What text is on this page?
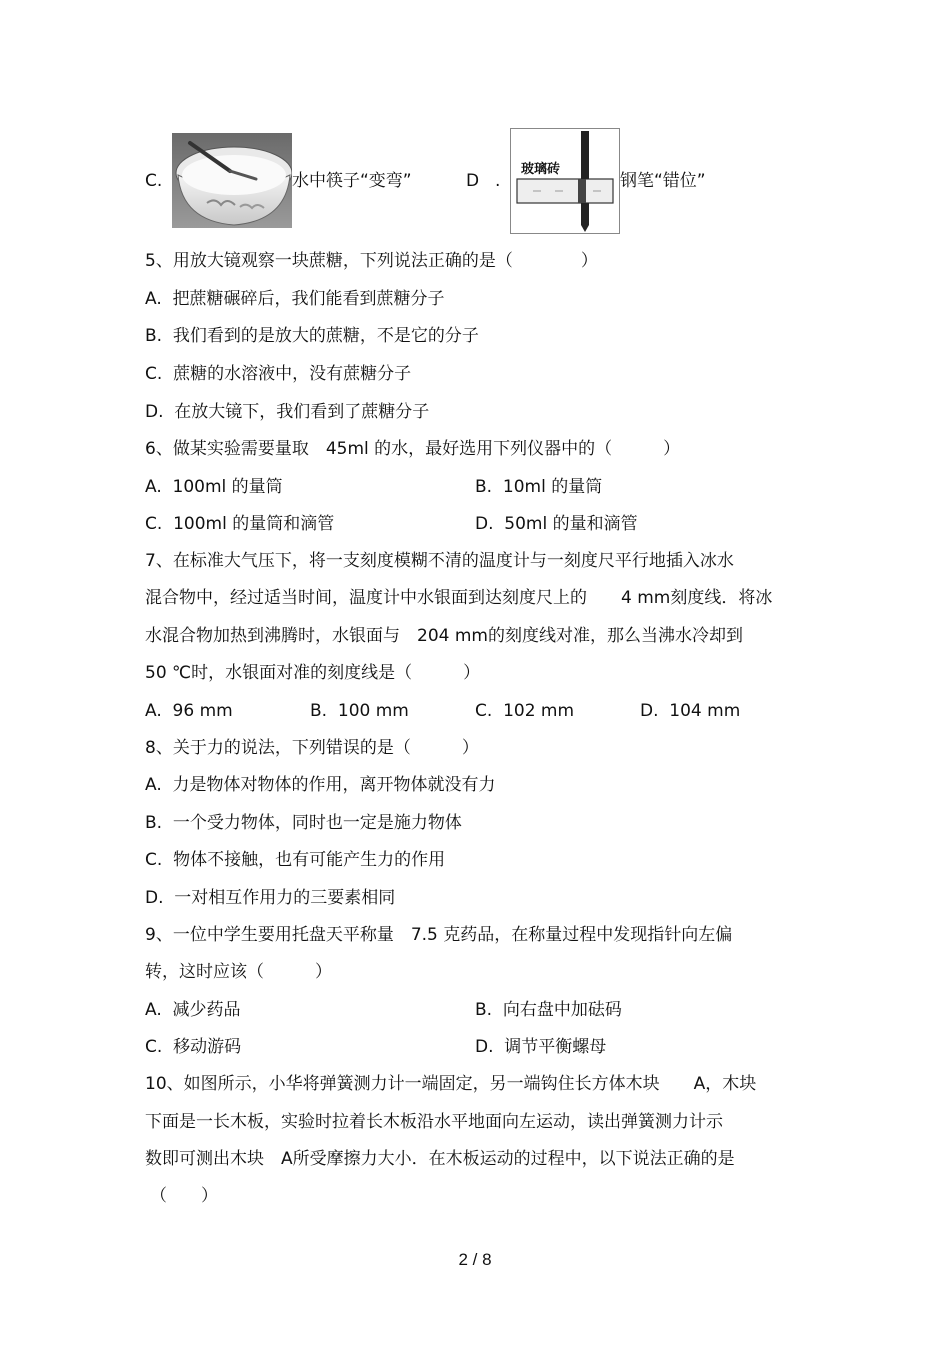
C.	水中筷子“变弯”	D .
玻璃砖
钢笔“错位”
5、用放大镜观察一块蔗糖，下列说法正确的是（　　　　）
A.  把蔗糖碾碎后，我们能看到蔗糖分子
B.  我们看到的是放大的蔗糖，不是它的分子
C.  蔗糖的水溶液中，没有蔗糖分子
D.  在放大镜下，我们看到了蔗糖分子
6、做某实验需要量取　45ml 的水，最好选用下列仪器中的（　　　）
A.  100ml 的量筒	B.  10ml 的量筒
C.  100ml 的量筒和滴管	D.  50ml 的量和滴管
7、在标准大气压下，将一支刻度模糊不清的温度计与一刻度尺平行地插入冰水
混合物中，经过适当时间，温度计中水银面到达刻度尺上的　　4 mm刻度线．将冰
水混合物加热到沸腾时，水银面与　204 mm的刻度线对准，那么当沸水冷却到
50 ℃时，水银面对准的刻度线是（　　　）
A.  96 mm	B.  100 mm	C.  102 mm	D.  104 mm
8、关于力的说法，下列错误的是（　　　）
A.  力是物体对物体的作用，离开物体就没有力
B.  一个受力物体，同时也一定是施力物体
C.  物体不接触，也有可能产生力的作用
D.  一对相互作用力的三要素相同
9、一位中学生要用托盘天平称量　7.5 克药品，在称量过程中发现指针向左偏
转，这时应该（　　　）
A.  减少药品	B.  向右盘中加砝码
C.  移动游码	D.  调节平衡螺母
10、如图所示，小华将弹簧测力计一端固定，另一端钩住长方体木块　　A，木块
下面是一长木板，实验时拉着长木板沿水平地面向左运动，读出弹簧测力计示
数即可测出木块　A所受摩擦力大小．在木板运动的过程中，以下说法正确的是
（　　）
2 / 8
